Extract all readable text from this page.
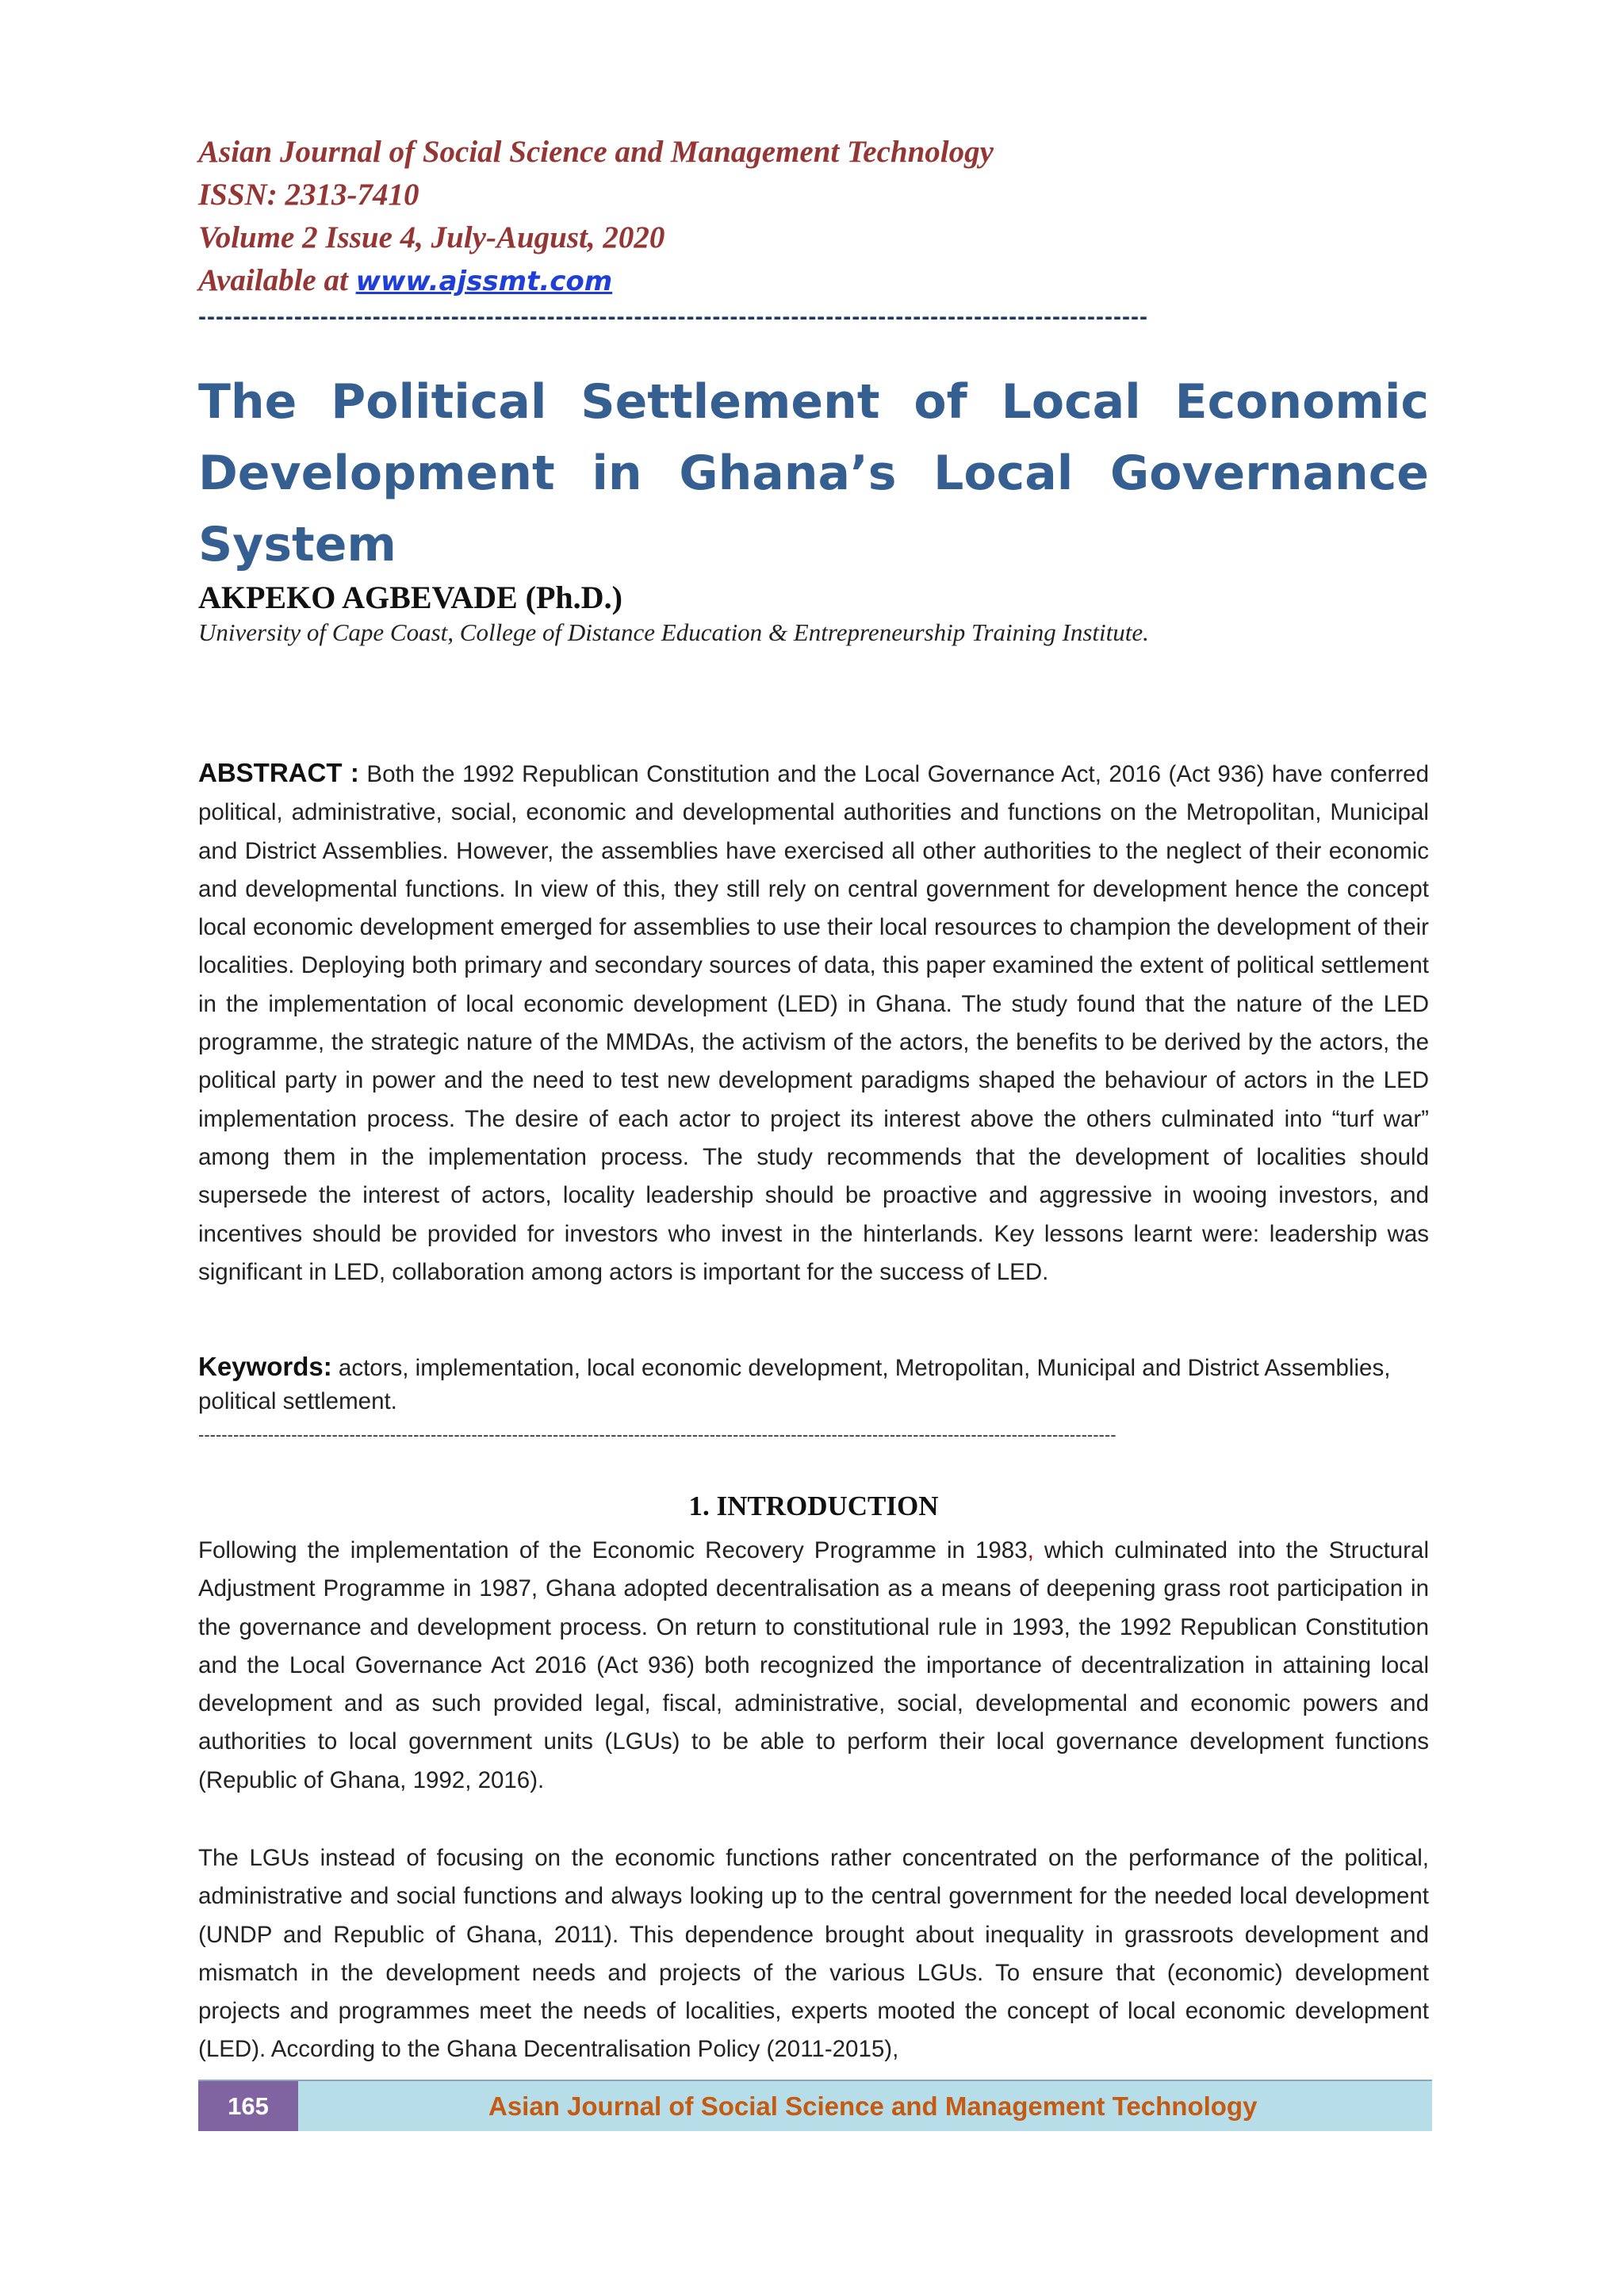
Asian Journal of Social Science and Management Technology
ISSN: 2313-7410
Volume 2 Issue 4, July-August, 2020
Available at www.ajssmt.com
-------------------------------------------------------------------------------------------------------------
The Political Settlement of Local Economic
Development in Ghana’s Local Governance System
AKPEKO AGBEVADE (Ph.D.)
University of Cape Coast, College of Distance Education & Entrepreneurship Training Institute.
ABSTRACT : Both the 1992 Republican Constitution and the Local Governance Act, 2016 (Act 936) have conferred political, administrative, social, economic and developmental authorities and functions on the Metropolitan, Municipal and District Assemblies. However, the assemblies have exercised all other authorities to the neglect of their economic and developmental functions. In view of this, they still rely on central government for development hence the concept local economic development emerged for assemblies to use their local resources to champion the development of their localities. Deploying both primary and secondary sources of data, this paper examined the extent of political settlement in the implementation of local economic development (LED) in Ghana. The study found that the nature of the LED programme, the strategic nature of the MMDAs, the activism of the actors, the benefits to be derived by the actors, the political party in power and the need to test new development paradigms shaped the behaviour of actors in the LED implementation process. The desire of each actor to project its interest above the others culminated into “turf war” among them in the implementation process. The study recommends that the development of localities should supersede the interest of actors, locality leadership should be proactive and aggressive in wooing investors, and incentives should be provided for investors who invest in the hinterlands. Key lessons learnt were: leadership was significant in LED, collaboration among actors is important for the success of LED.
Keywords: actors, implementation, local economic development, Metropolitan, Municipal and District Assemblies, political settlement.
--------------------------------------------------------------------------------------------------------------------------------------------------------------
1. INTRODUCTION
Following the implementation of the Economic Recovery Programme in 1983, which culminated into the Structural Adjustment Programme in 1987, Ghana adopted decentralisation as a means of deepening grass root participation in the governance and development process. On return to constitutional rule in 1993, the 1992 Republican Constitution and the Local Governance Act 2016 (Act 936) both recognized the importance of decentralization in attaining local development and as such provided legal, fiscal, administrative, social, developmental and economic powers and authorities to local government units (LGUs) to be able to perform their local governance development functions (Republic of Ghana, 1992, 2016).
The LGUs instead of focusing on the economic functions rather concentrated on the performance of the political, administrative and social functions and always looking up to the central government for the needed local development (UNDP and Republic of Ghana, 2011). This dependence brought about inequality in grassroots development and mismatch in the development needs and projects of the various LGUs. To ensure that (economic) development projects and programmes meet the needs of localities, experts mooted the concept of local economic development (LED). According to the Ghana Decentralisation Policy (2011-2015),
165	Asian Journal of Social Science and Management Technology
